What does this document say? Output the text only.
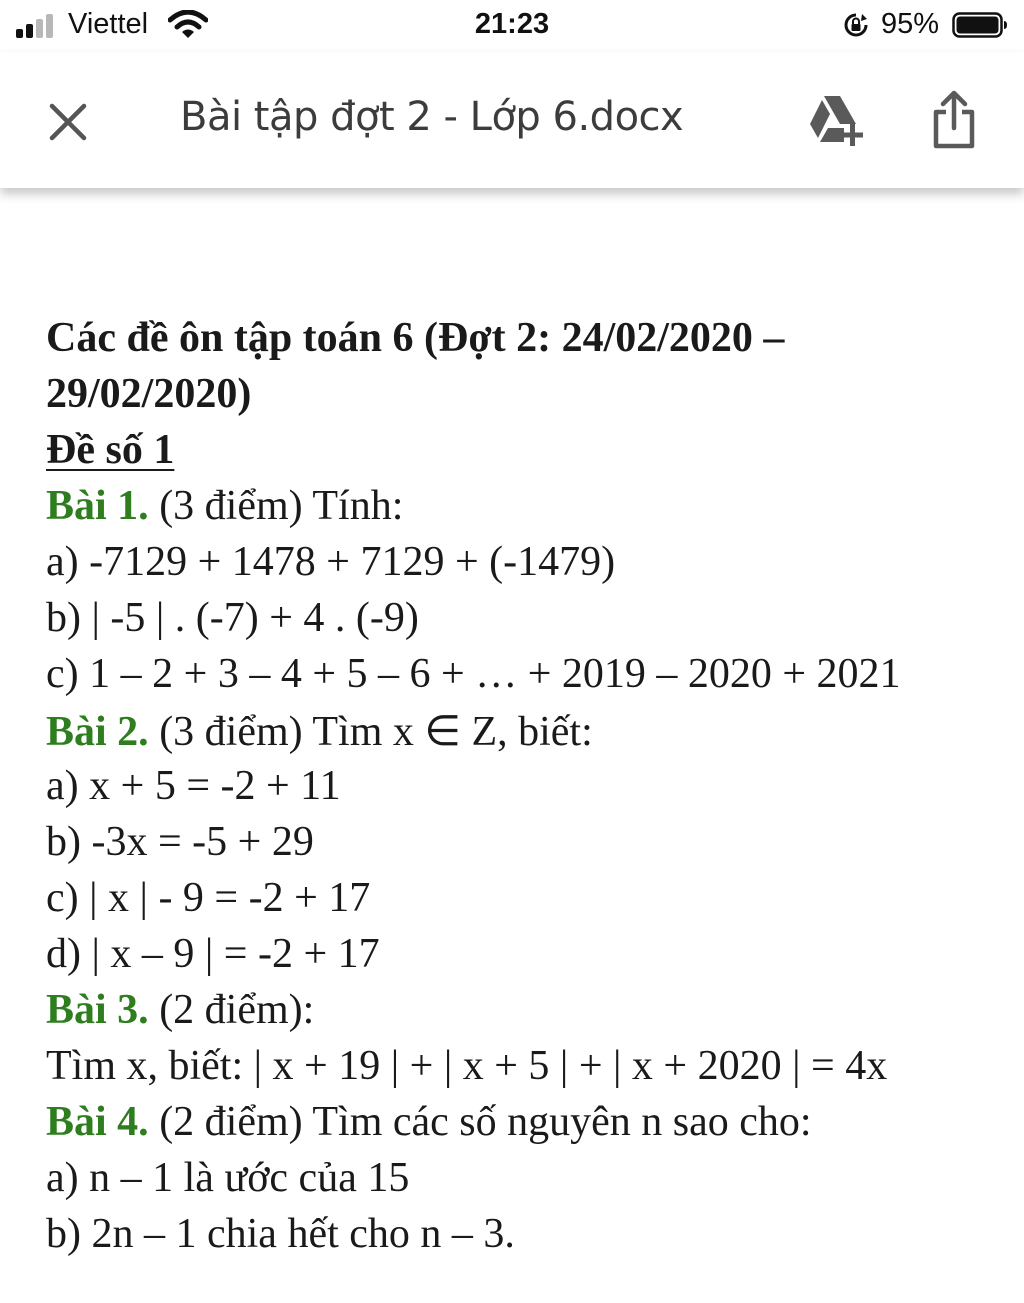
Viettel	21:23	95%
Bài tập đợt 2 - Lớp 6.docx
Các đề ôn tập toán 6 (Đợt 2: 24/02/2020 –
29/02/2020)
Đề số 1
Bài 1. (3 điểm) Tính:
a) -7129 + 1478 + 7129 + (-1479)
b) | -5 | . (-7) + 4 . (-9)
c) 1 – 2 + 3 – 4 + 5 – 6 + … + 2019 – 2020 + 2021
Bài 2. (3 điểm) Tìm x ∈ Z, biết:
a) x + 5 = -2 + 11
b) -3x = -5 + 29
c) | x | - 9 = -2 + 17
d) | x – 9 | = -2 + 17
Bài 3. (2 điểm):
Tìm x, biết: | x + 19 | + | x + 5 | + | x + 2020 | = 4x
Bài 4. (2 điểm) Tìm các số nguyên n sao cho:
a) n – 1 là ước của 15
b) 2n – 1 chia hết cho n – 3.
